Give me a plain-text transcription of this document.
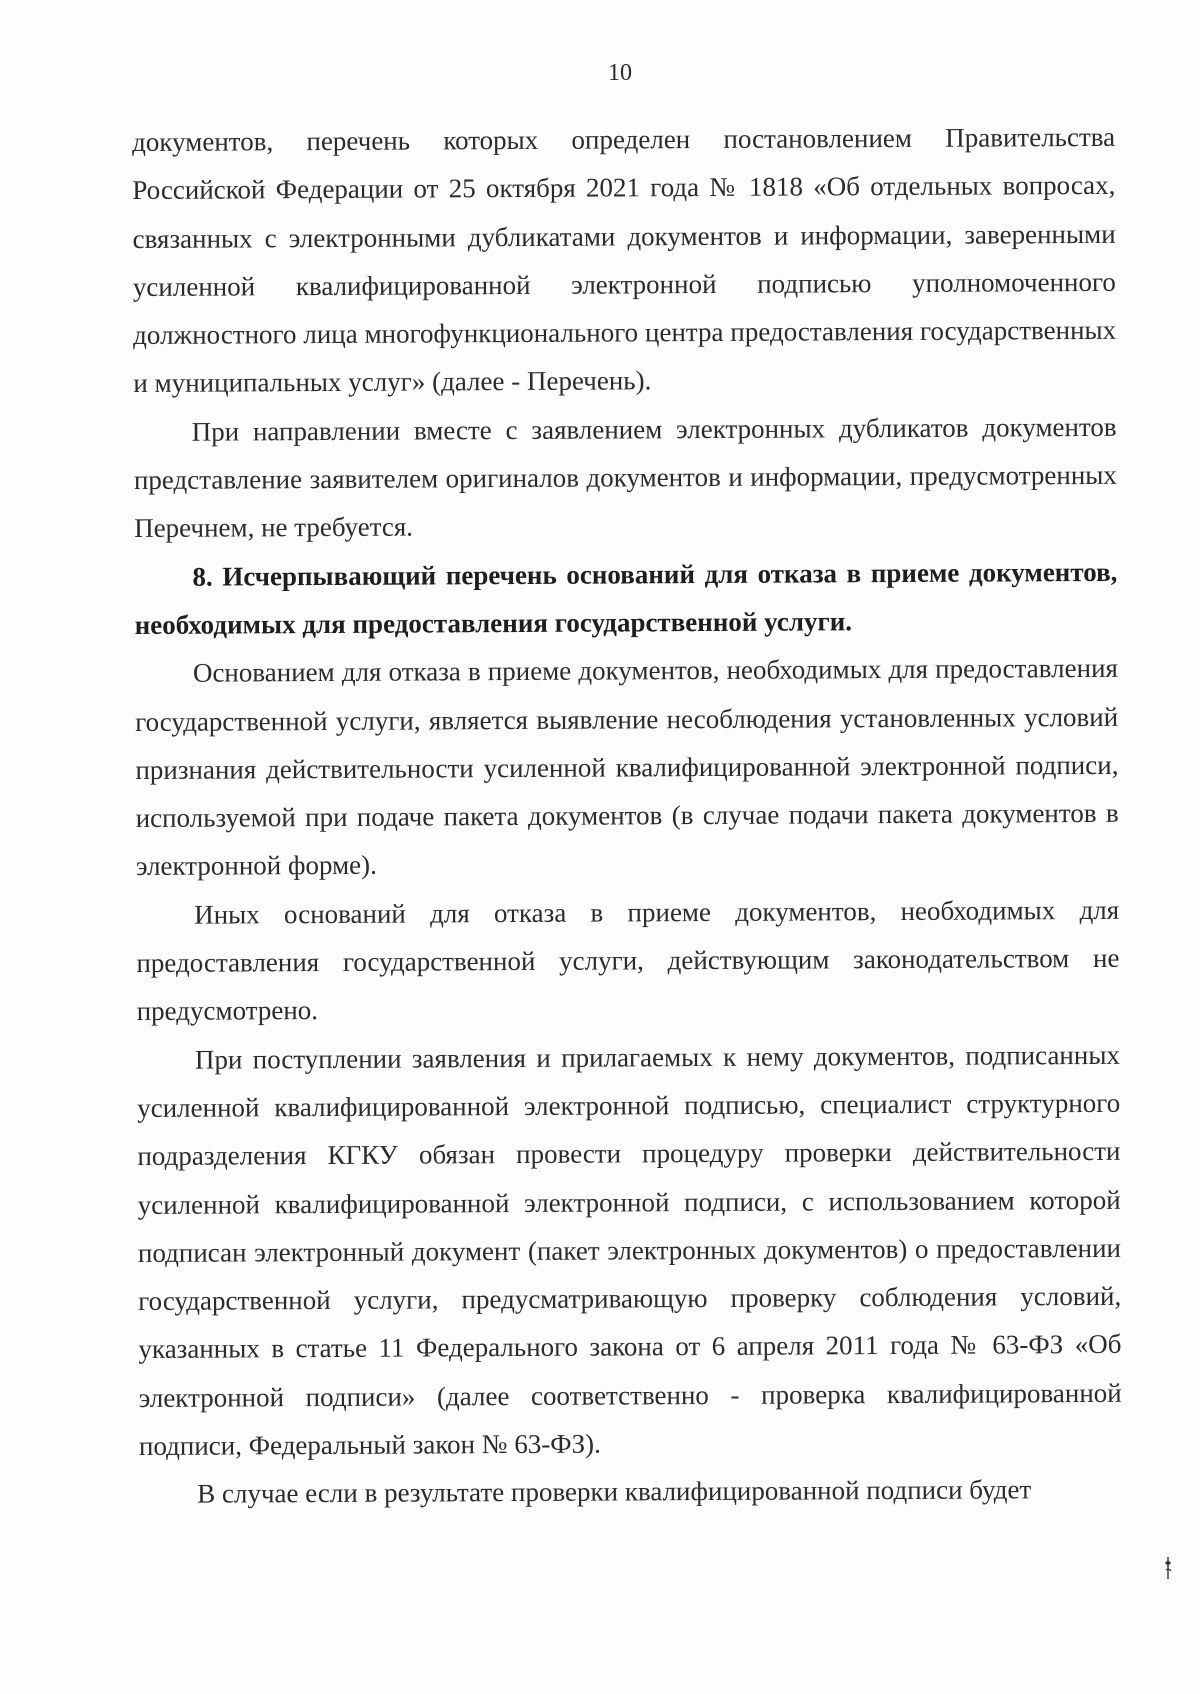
10

документов, перечень которых определен постановлением Правительства Российской Федерации от 25 октября 2021 года № 1818 «Об отдельных вопросах, связанных с электронными дубликатами документов и информации, заверенными усиленной квалифицированной электронной подписью уполномоченного должностного лица многофункционального центра предоставления государственных и муниципальных услуг» (далее - Перечень).

При направлении вместе с заявлением электронных дубликатов документов представление заявителем оригиналов документов и информации, предусмотренных Перечнем, не требуется.

8. Исчерпывающий перечень оснований для отказа в приеме документов, необходимых для предоставления государственной услуги.

Основанием для отказа в приеме документов, необходимых для предоставления государственной услуги, является выявление несоблюдения установленных условий признания действительности усиленной квалифицированной электронной подписи, используемой при подаче пакета документов (в случае подачи пакета документов в электронной форме).

Иных оснований для отказа в приеме документов, необходимых для предоставления государственной услуги, действующим законодательством не предусмотрено.

При поступлении заявления и прилагаемых к нему документов, подписанных усиленной квалифицированной электронной подписью, специалист структурного подразделения КГКУ обязан провести процедуру проверки действительности усиленной квалифицированной электронной подписи, с использованием которой подписан электронный документ (пакет электронных документов) о предоставлении государственной услуги, предусматривающую проверку соблюдения условий, указанных в статье 11 Федерального закона от 6 апреля 2011 года № 63-ФЗ «Об электронной подписи» (далее соответственно - проверка квалифицированной подписи, Федеральный закон № 63-ФЗ).

В случае если в результате проверки квалифицированной подписи будет
